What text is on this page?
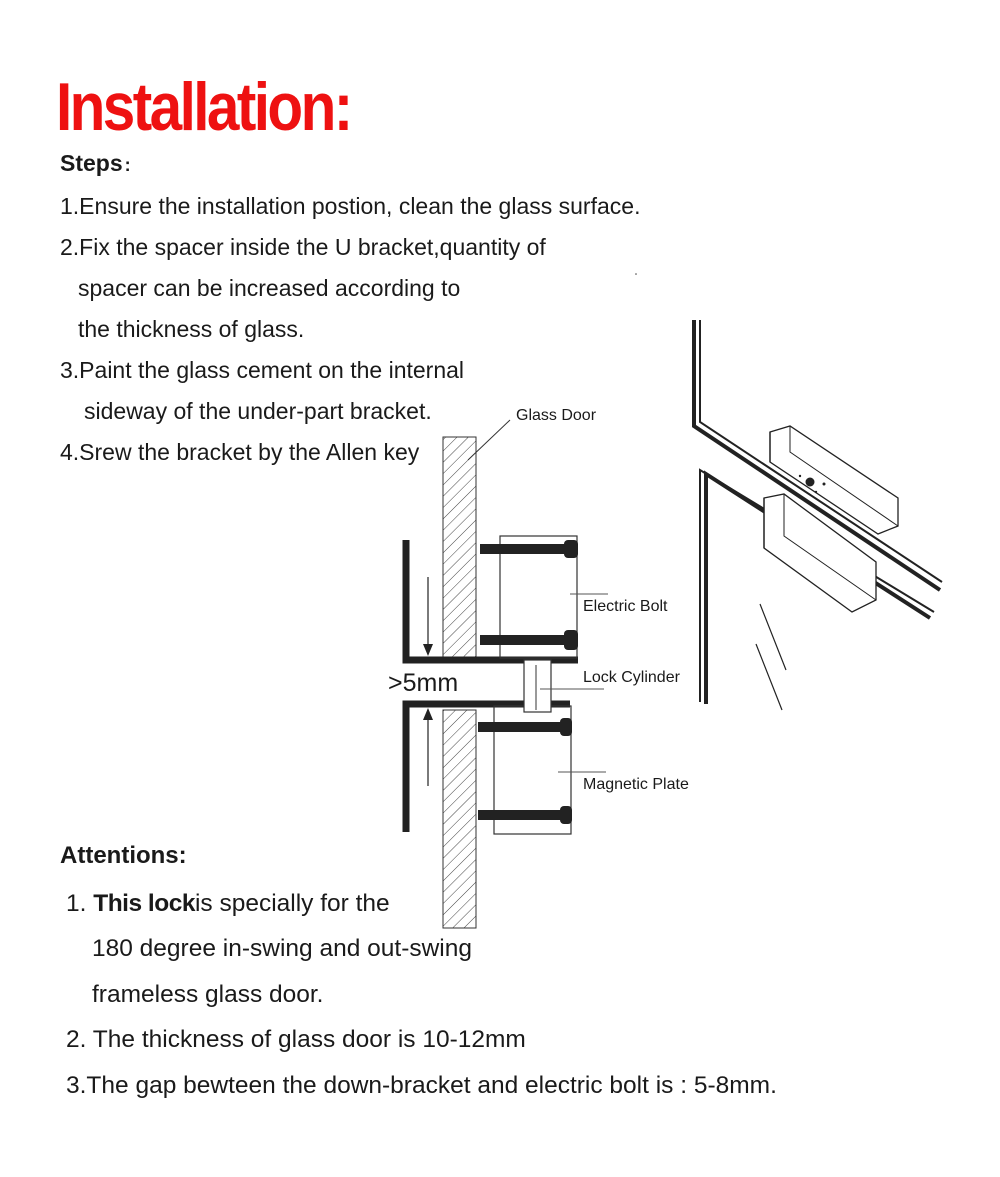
Installation:
Steps :

1.Ensure the installation postion, clean the glass surface.

2.Fix the spacer inside the U bracket,quantity of

spacer can be increased according to

the thickness of glass.

3.Paint the glass cement on the internal

sideway of the under-part bracket.

4.Srew the bracket by the Allen key
Glass Door
Electric Bolt
Lock Cylinder
Magnetic Plate
>5mm
Attentions:

1. This lockis specially for the

180 degree in-swing and out-swing

frameless glass door.

2. The thickness of glass door is 10-12mm

3.The gap bewteen the down-bracket and electric bolt is : 5-8mm.
